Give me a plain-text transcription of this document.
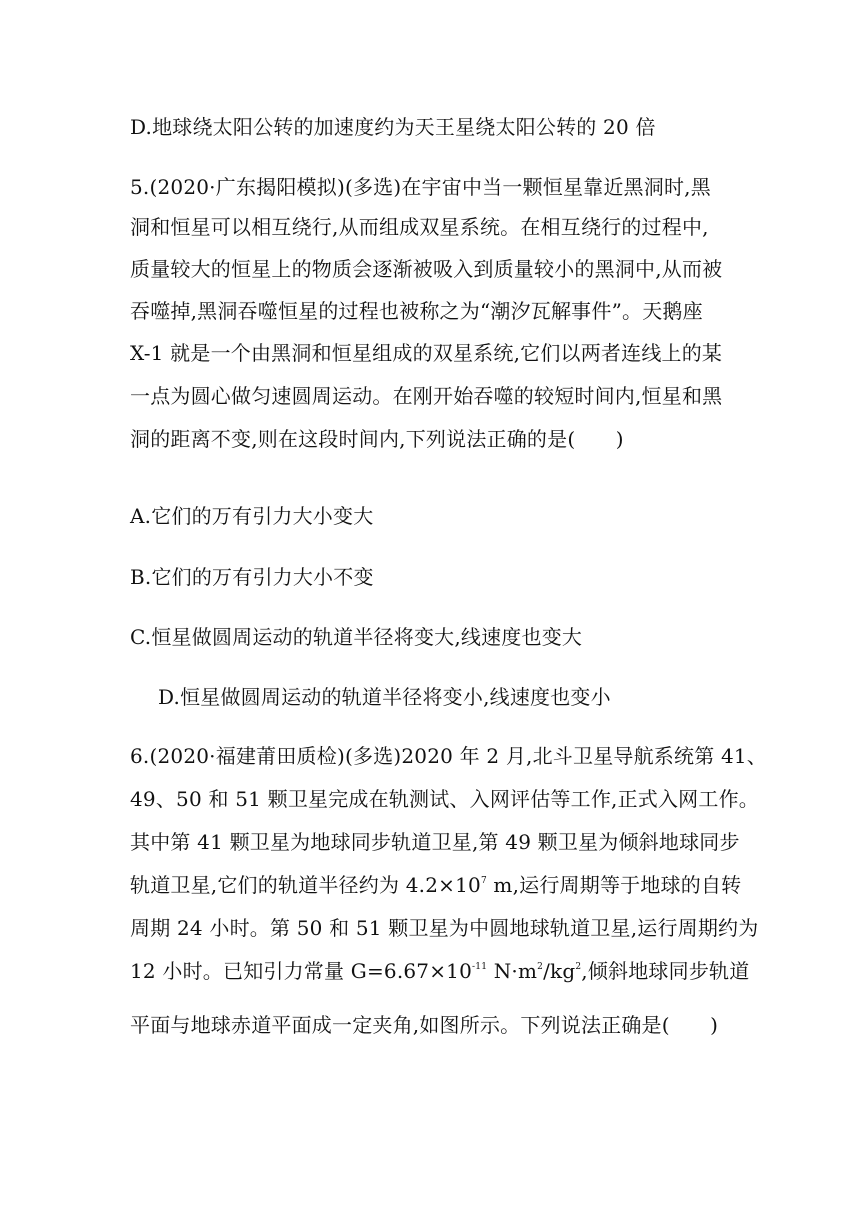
D.地球绕太阳公转的加速度约为天王星绕太阳公转的 20 倍
5.(2020·广东揭阳模拟)(多选)在宇宙中当一颗恒星靠近黑洞时,黑
洞和恒星可以相互绕行,从而组成双星系统。在相互绕行的过程中,
质量较大的恒星上的物质会逐渐被吸入到质量较小的黑洞中,从而被
吞噬掉,黑洞吞噬恒星的过程也被称之为“潮汐瓦解事件”。天鹅座
X-1 就是一个由黑洞和恒星组成的双星系统,它们以两者连线上的某
一点为圆心做匀速圆周运动。在刚开始吞噬的较短时间内,恒星和黑
洞的距离不变,则在这段时间内,下列说法正确的是(　　)
A.它们的万有引力大小变大
B.它们的万有引力大小不变
C.恒星做圆周运动的轨道半径将变大,线速度也变大
D.恒星做圆周运动的轨道半径将变小,线速度也变小
6.(2020·福建莆田质检)(多选)2020 年 2 月,北斗卫星导航系统第 41、
49、50 和 51 颗卫星完成在轨测试、入网评估等工作,正式入网工作。
其中第 41 颗卫星为地球同步轨道卫星,第 49 颗卫星为倾斜地球同步
轨道卫星,它们的轨道半径约为 $4.2\times 10^7$ m,运行周期等于地球的自转
周期 24 小时。第 50 和 51 颗卫星为中圆地球轨道卫星,运行周期约为
12 小时。已知引力常量 $G=6.67\times 10^{-11}$ $N\cdot m^2/kg^2$,倾斜地球同步轨道
平面与地球赤道平面成一定夹角,如图所示。下列说法正确是(　　)
